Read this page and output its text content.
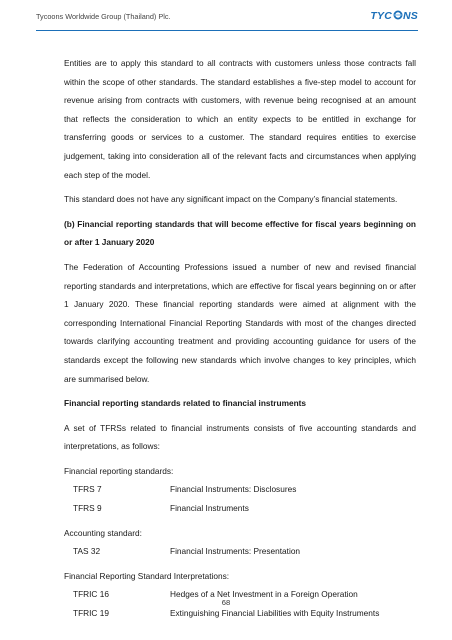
Tycoons Worldwide Group (Thailand) Plc.	TYC NS

Entities are to apply this standard to all contracts with customers unless those contracts fall within the scope of other standards. The standard establishes a five-step model to account for revenue arising from contracts with customers, with revenue being recognised at an amount that reflects the consideration to which an entity expects to be entitled in exchange for transferring goods or services to a customer. The standard requires entities to exercise judgement, taking into consideration all of the relevant facts and circumstances when applying each step of the model.

This standard does not have any significant impact on the Company’s financial statements.

(b) Financial reporting standards that will become effective for fiscal years beginning on or after 1 January 2020

The Federation of Accounting Professions issued a number of new and revised financial reporting standards and interpretations, which are effective for fiscal years beginning on or after 1 January 2020. These financial reporting standards were aimed at alignment with the corresponding International Financial Reporting Standards with most of the changes directed towards clarifying accounting treatment and providing accounting guidance for users of the standards except the following new standards which involve changes to key principles, which are summarised below.

Financial reporting standards related to financial instruments

A set of TFRSs related to financial instruments consists of five accounting standards and interpretations, as follows:

Financial reporting standards:
TFRS 7	Financial Instruments: Disclosures
TFRS 9	Financial Instruments
Accounting standard:
TAS 32	Financial Instruments: Presentation
Financial Reporting Standard Interpretations:
TFRIC 16	Hedges of a Net Investment in a Foreign Operation
TFRIC 19	Extinguishing Financial Liabilities with Equity Instruments
68
